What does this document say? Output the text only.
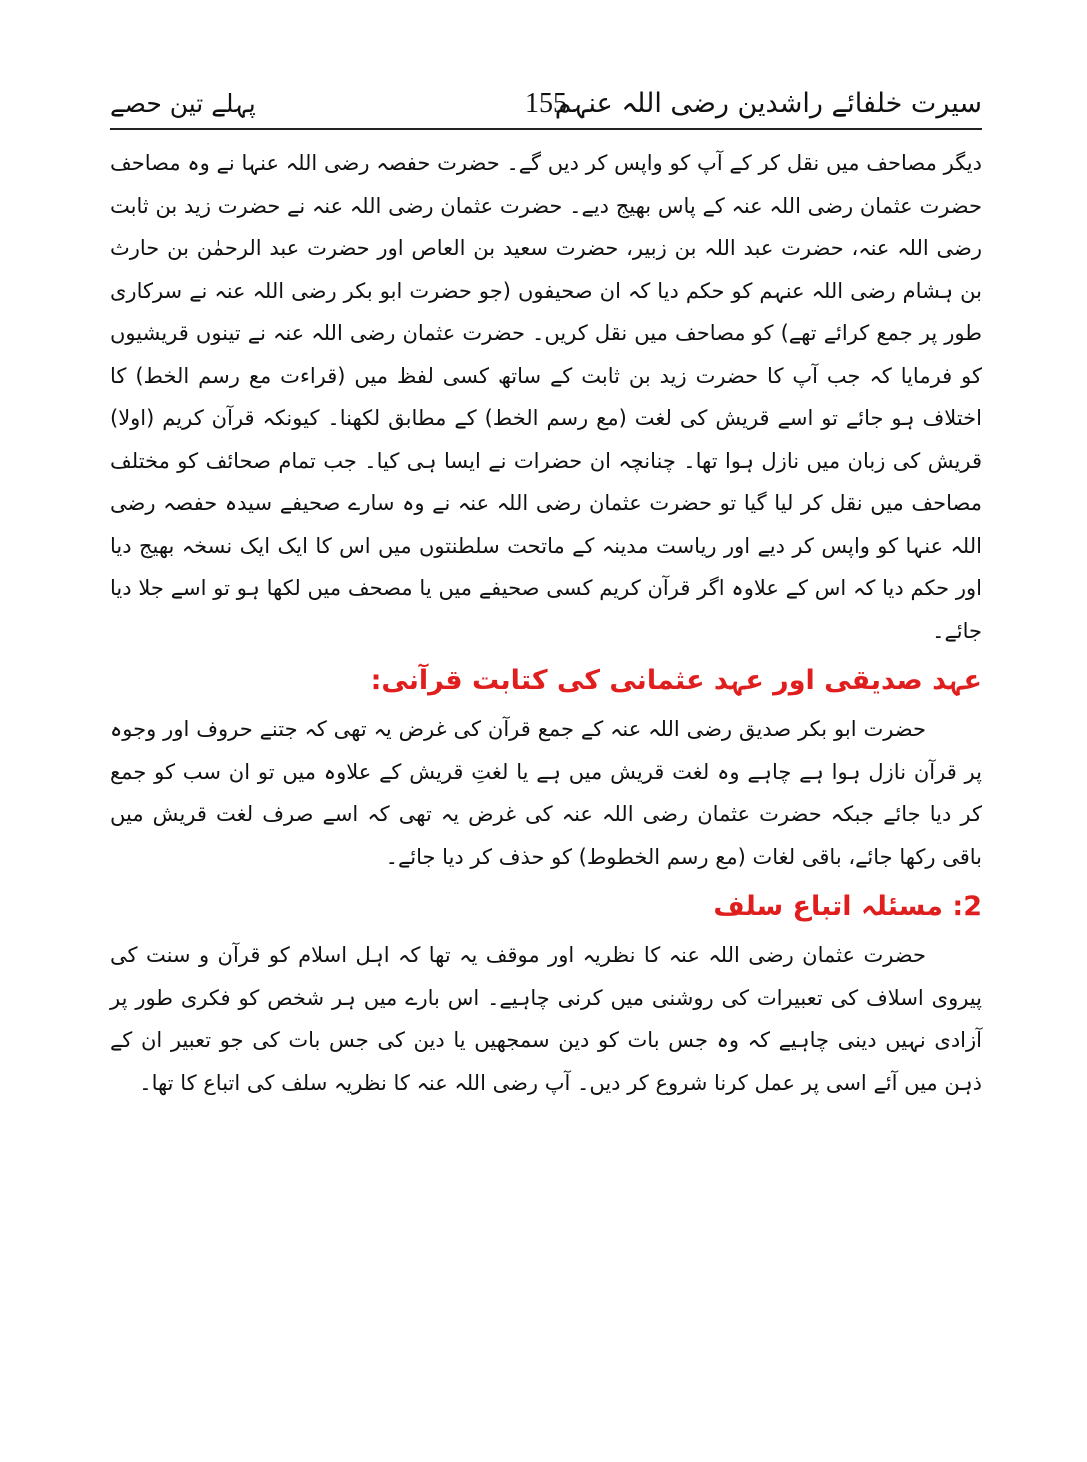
سیرت خلفائے راشدین رضی اللہ عنہم
155
پہلے تین حصے

دیگر مصاحف میں نقل کر کے آپ کو واپس کر دیں گے۔ حضرت حفصہ رضی اللہ عنہا نے وہ مصاحف حضرت عثمان رضی اللہ عنہ کے پاس بھیج دیے۔ حضرت عثمان رضی اللہ عنہ نے حضرت زید بن ثابت رضی اللہ عنہ، حضرت عبد اللہ بن زبیر، حضرت سعید بن العاص اور حضرت عبد الرحمٰن بن حارث بن ہشام رضی اللہ عنہم کو حکم دیا کہ ان صحیفوں (جو حضرت ابو بکر رضی اللہ عنہ نے سرکاری طور پر جمع کرائے تھے) کو مصاحف میں نقل کریں۔ حضرت عثمان رضی اللہ عنہ نے تینوں قریشیوں کو فرمایا کہ جب آپ کا حضرت زید بن ثابت کے ساتھ کسی لفظ میں (قراءت مع رسم الخط) کا اختلاف ہو جائے تو اسے قریش کی لغت (مع رسم الخط) کے مطابق لکھنا۔ کیونکہ قرآن کریم (اولا) قریش کی زبان میں نازل ہوا تھا۔ چنانچہ ان حضرات نے ایسا ہی کیا۔ جب تمام صحائف کو مختلف مصاحف میں نقل کر لیا گیا تو حضرت عثمان رضی اللہ عنہ نے وہ سارے صحیفے سیدہ حفصہ رضی اللہ عنہا کو واپس کر دیے اور ریاست مدینہ کے ماتحت سلطنتوں میں اس کا ایک ایک نسخہ بھیج دیا اور حکم دیا کہ اس کے علاوہ اگر قرآن کریم کسی صحیفے میں یا مصحف میں لکھا ہو تو اسے جلا دیا جائے۔

عہد صدیقی اور عہد عثمانی کی کتابت قرآنی:

حضرت ابو بکر صدیق رضی اللہ عنہ کے جمع قرآن کی غرض یہ تھی کہ جتنے حروف اور وجوہ پر قرآن نازل ہوا ہے چاہے وہ لغت قریش میں ہے یا لغتِ قریش کے علاوہ میں تو ان سب کو جمع کر دیا جائے جبکہ حضرت عثمان رضی اللہ عنہ کی غرض یہ تھی کہ اسے صرف لغت قریش میں باقی رکھا جائے، باقی لغات (مع رسم الخطوط) کو حذف کر دیا جائے۔

2: مسئلہ اتباع سلف

حضرت عثمان رضی اللہ عنہ کا نظریہ اور موقف یہ تھا کہ اہل اسلام کو قرآن و سنت کی پیروی اسلاف کی تعبیرات کی روشنی میں کرنی چاہیے۔ اس بارے میں ہر شخص کو فکری طور پر آزادی نہیں دینی چاہیے کہ وہ جس بات کو دین سمجھیں یا دین کی جس بات کی جو تعبیر ان کے ذہن میں آئے اسی پر عمل کرنا شروع کر دیں۔ آپ رضی اللہ عنہ کا نظریہ سلف کی اتباع کا تھا۔
